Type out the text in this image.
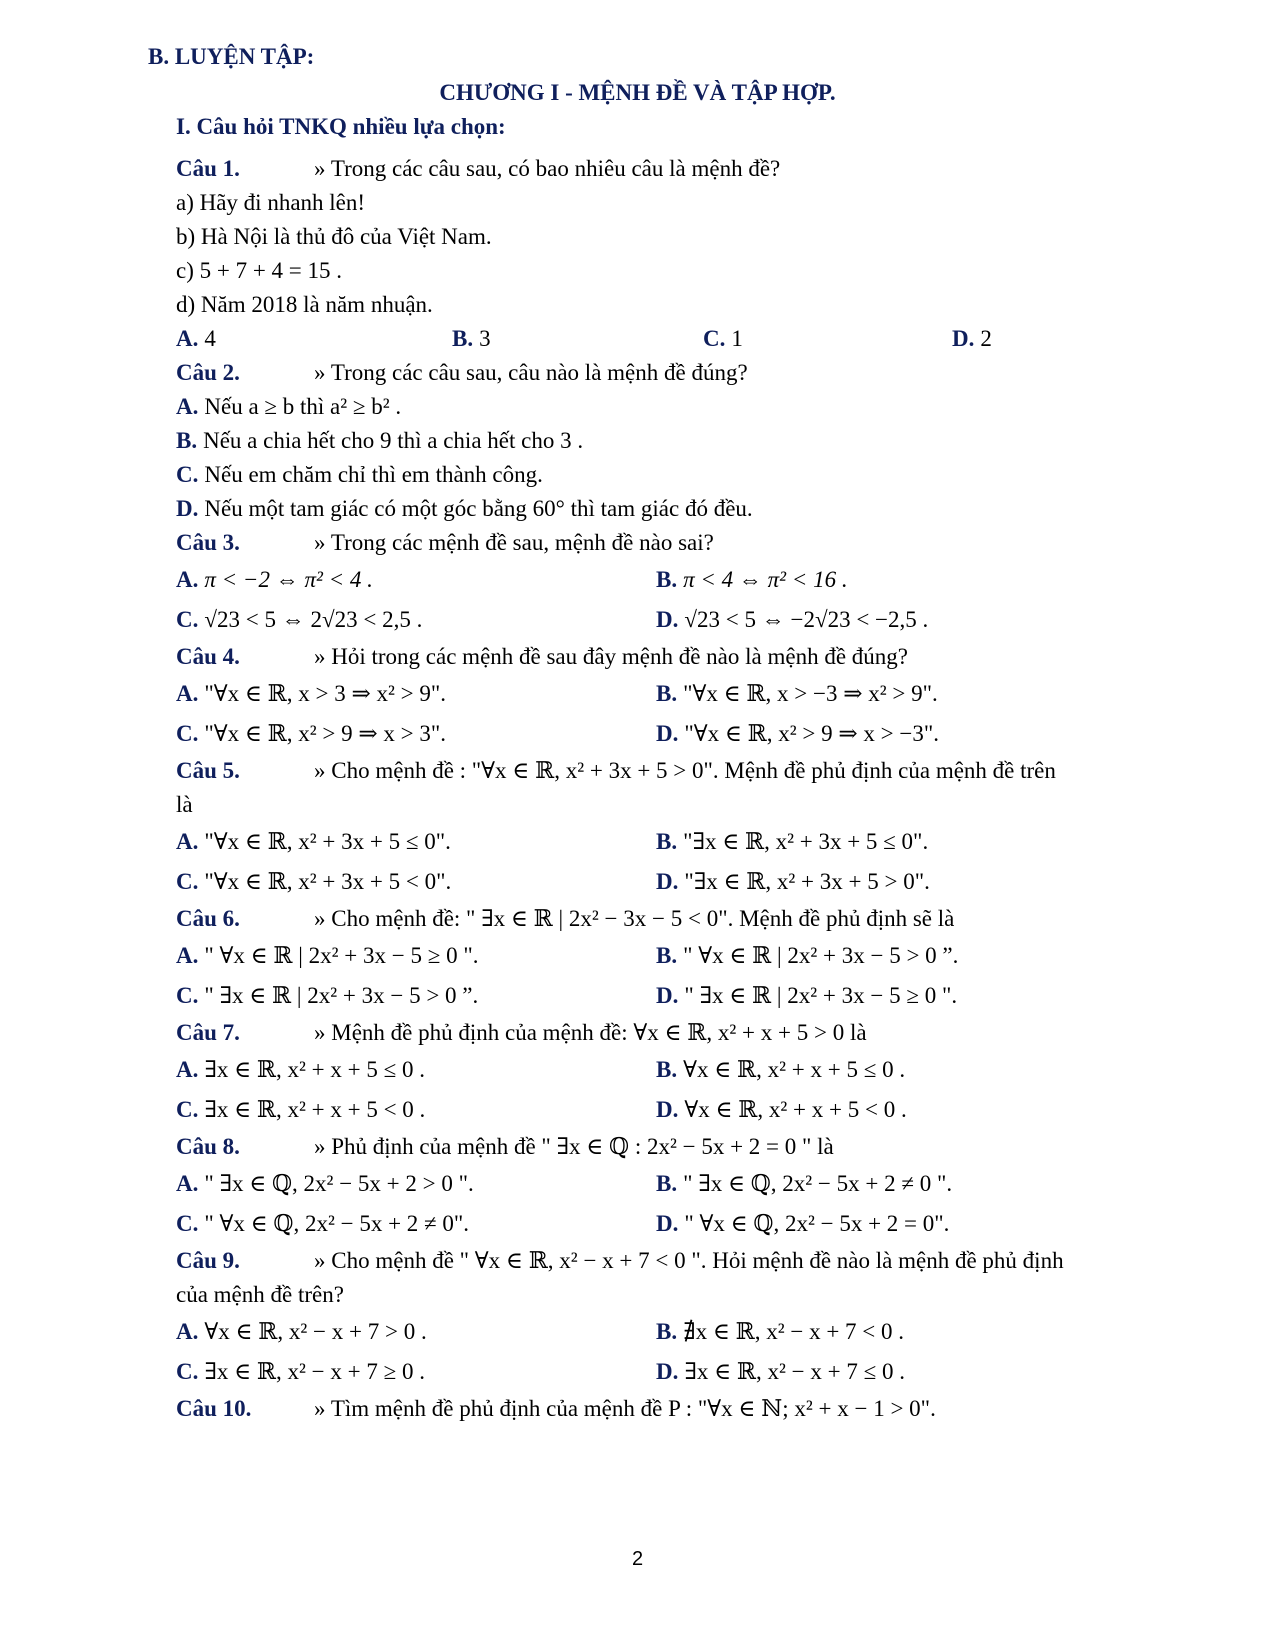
B. LUYỆN TẬP:
CHƯƠNG I - MỆNH ĐỀ VÀ TẬP HỢP.
I. Câu hỏi TNKQ nhiều lựa chọn:
Câu 1.	» Trong các câu sau, có bao nhiêu câu là mệnh đề?
a) Hãy đi nhanh lên!
b) Hà Nội là thủ đô của Việt Nam.
c) 5 + 7 + 4 = 15 .
d) Năm 2018 là năm nhuận.
A. 4	B. 3	C. 1	D. 2
Câu 2.	» Trong các câu sau, câu nào là mệnh đề đúng?
A. Nếu a ≥ b thì a² ≥ b² .
B. Nếu a chia hết cho 9 thì a chia hết cho 3 .
C. Nếu em chăm chỉ thì em thành công.
D. Nếu một tam giác có một góc bằng 60° thì tam giác đó đều.
Câu 3.	» Trong các mệnh đề sau, mệnh đề nào sai?
A. π < −2 ⇔ π² < 4 .	B. π < 4 ⇔ π² < 16 .
C. √23 < 5 ⇔ 2√23 < 2,5 .	D. √23 < 5 ⇔ −2√23 < −2,5 .
Câu 4.	» Hỏi trong các mệnh đề sau đây mệnh đề nào là mệnh đề đúng?
A. "∀x ∈ ℝ, x > 3 ⇒ x² > 9".	B. "∀x ∈ ℝ, x > −3 ⇒ x² > 9".
C. "∀x ∈ ℝ, x² > 9 ⇒ x > 3".	D. "∀x ∈ ℝ, x² > 9 ⇒ x > −3".
Câu 5.	» Cho mệnh đề : "∀x ∈ ℝ, x² + 3x + 5 > 0". Mệnh đề phủ định của mệnh đề trên
là
A. "∀x ∈ ℝ, x² + 3x + 5 ≤ 0".	B. "∃x ∈ ℝ, x² + 3x + 5 ≤ 0".
C. "∀x ∈ ℝ, x² + 3x + 5 < 0".	D. "∃x ∈ ℝ, x² + 3x + 5 > 0".
Câu 6.	» Cho mệnh đề: " ∃x ∈ ℝ | 2x² − 3x − 5 < 0". Mệnh đề phủ định sẽ là
A. " ∀x ∈ ℝ | 2x² + 3x − 5 ≥ 0 ".	B. " ∀x ∈ ℝ | 2x² + 3x − 5 > 0 ”.
C. " ∃x ∈ ℝ | 2x² + 3x − 5 > 0 ”.	D. " ∃x ∈ ℝ | 2x² + 3x − 5 ≥ 0 ".
Câu 7.	» Mệnh đề phủ định của mệnh đề: ∀x ∈ ℝ, x² + x + 5 > 0 là
A. ∃x ∈ ℝ, x² + x + 5 ≤ 0 .	B. ∀x ∈ ℝ, x² + x + 5 ≤ 0 .
C. ∃x ∈ ℝ, x² + x + 5 < 0 .	D. ∀x ∈ ℝ, x² + x + 5 < 0 .
Câu 8.	» Phủ định của mệnh đề " ∃x ∈ ℚ : 2x² − 5x + 2 = 0 " là
A. " ∃x ∈ ℚ, 2x² − 5x + 2 > 0 ".	B. " ∃x ∈ ℚ, 2x² − 5x + 2 ≠ 0 ".
C. " ∀x ∈ ℚ, 2x² − 5x + 2 ≠ 0".	D. " ∀x ∈ ℚ, 2x² − 5x + 2 = 0".
Câu 9.	» Cho mệnh đề " ∀x ∈ ℝ, x² − x + 7 < 0 ". Hỏi mệnh đề nào là mệnh đề phủ định
của mệnh đề trên?
A. ∀x ∈ ℝ, x² − x + 7 > 0 .	B. ∄x ∈ ℝ, x² − x + 7 < 0 .
C. ∃x ∈ ℝ, x² − x + 7 ≥ 0 .	D. ∃x ∈ ℝ, x² − x + 7 ≤ 0 .
Câu 10.	» Tìm mệnh đề phủ định của mệnh đề P : "∀x ∈ ℕ; x² + x − 1 > 0".
2
